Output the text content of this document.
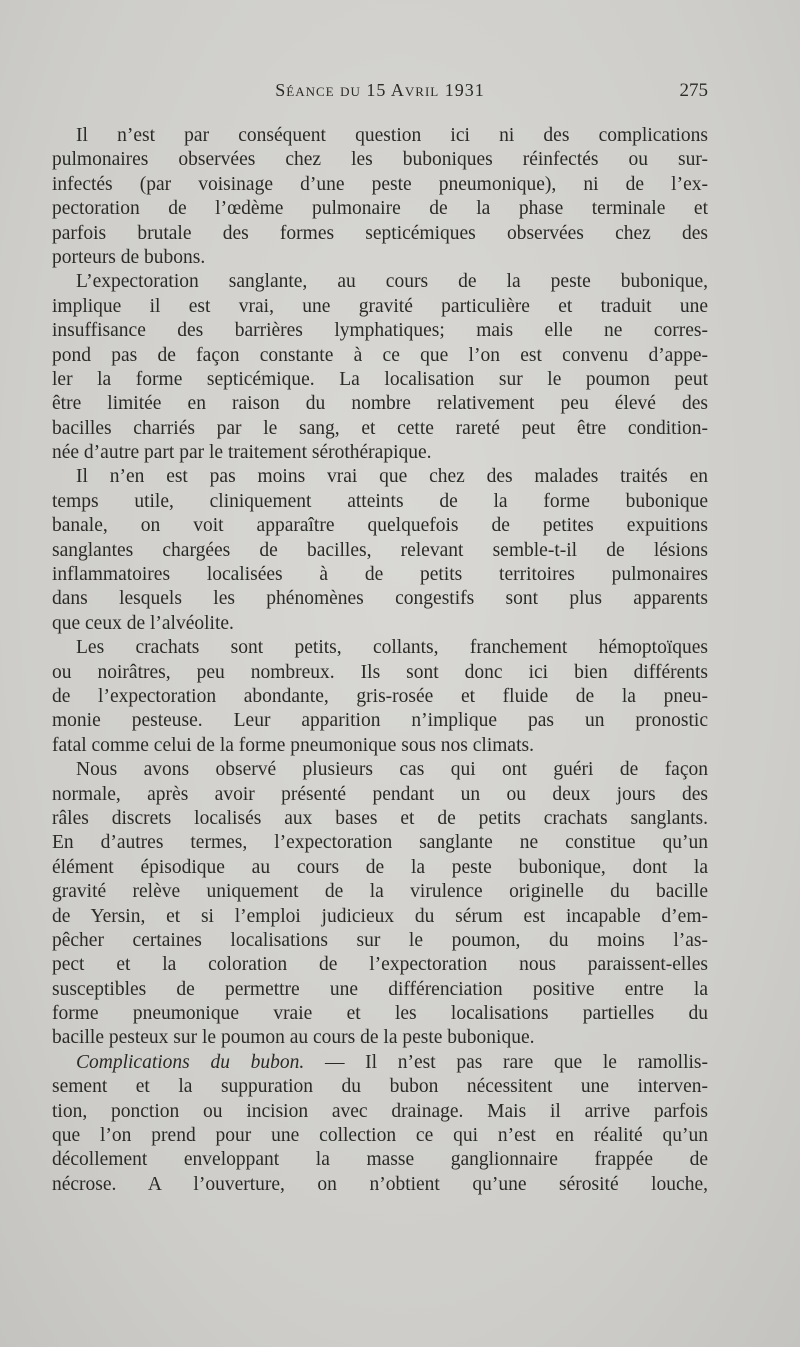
Séance du 15 Avril 1931	275
Il n’est par conséquent question ici ni des complications
pulmonaires observées chez les buboniques réinfectés ou sur-
infectés (par voisinage d’une peste pneumonique), ni de l’ex-
pectoration de l’œdème pulmonaire de la phase terminale et
parfois brutale des formes septicémiques observées chez des
porteurs de bubons.
L’expectoration sanglante, au cours de la peste bubonique,
implique il est vrai, une gravité particulière et traduit une
insuffisance des barrières lymphatiques; mais elle ne corres-
pond pas de façon constante à ce que l’on est convenu d’appe-
ler la forme septicémique. La localisation sur le poumon peut
être limitée en raison du nombre relativement peu élevé des
bacilles charriés par le sang, et cette rareté peut être condition-
née d’autre part par le traitement sérothérapique.
Il n’en est pas moins vrai que chez des malades traités en
temps utile, cliniquement atteints de la forme bubonique
banale, on voit apparaître quelquefois de petites expuitions
sanglantes chargées de bacilles, relevant semble-t-il de lésions
inflammatoires localisées à de petits territoires pulmonaires
dans lesquels les phénomènes congestifs sont plus apparents
que ceux de l’alvéolite.
Les crachats sont petits, collants, franchement hémoptoïques
ou noirâtres, peu nombreux. Ils sont donc ici bien différents
de l’expectoration abondante, gris-rosée et fluide de la pneu-
monie pesteuse. Leur apparition n’implique pas un pronostic
fatal comme celui de la forme pneumonique sous nos climats.
Nous avons observé plusieurs cas qui ont guéri de façon
normale, après avoir présenté pendant un ou deux jours des
râles discrets localisés aux bases et de petits crachats sanglants.
En d’autres termes, l’expectoration sanglante ne constitue qu’un
élément épisodique au cours de la peste bubonique, dont la
gravité relève uniquement de la virulence originelle du bacille
de Yersin, et si l’emploi judicieux du sérum est incapable d’em-
pêcher certaines localisations sur le poumon, du moins l’as-
pect et la coloration de l’expectoration nous paraissent-elles
susceptibles de permettre une différenciation positive entre la
forme pneumonique vraie et les localisations partielles du
bacille pesteux sur le poumon au cours de la peste bubonique.
Complications du bubon. — Il n’est pas rare que le ramollis-
sement et la suppuration du bubon nécessitent une interven-
tion, ponction ou incision avec drainage. Mais il arrive parfois
que l’on prend pour une collection ce qui n’est en réalité qu’un
décollement enveloppant la masse ganglionnaire frappée de
nécrose. A l’ouverture, on n’obtient qu’une sérosité louche,
